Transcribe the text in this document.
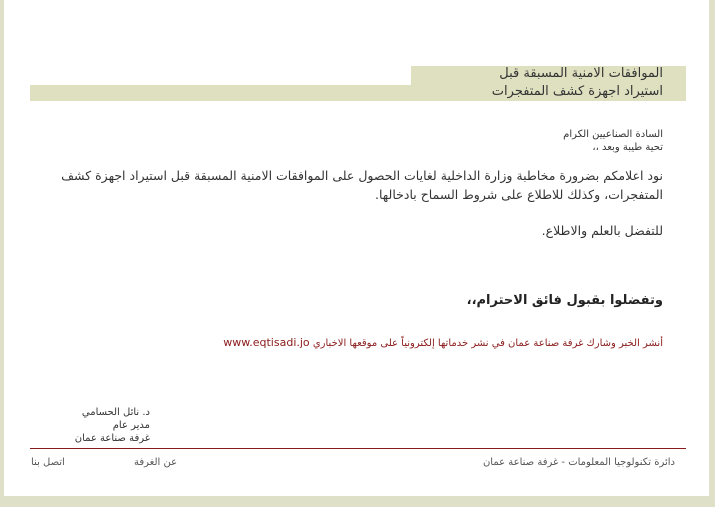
الموافقات الامنية المسبقة قبل
استيراد اجهزة كشف المتفجرات
السادة الصناعيين الكرام
تحية طيبة وبعد ،،
نود اعلامكم بضرورة مخاطبة وزارة الداخلية لغايات الحصول على الموافقات الامنية المسبقة قبل استيراد اجهزة كشف المتفجرات، وكذلك للاطلاع على شروط السماح بادخالها.
للتفضل بالعلم والاطلاع.
وتفضلوا بقبول فائق الاحترام،،
أنشر الخبر وشارك غرفة صناعة عمان في نشر خدماتها إلكترونياً على موقعها الاخباري www.eqtisadi.jo
د. نائل الحسامي
مدير عام
غرفة صناعة عمان
دائرة تكنولوجيا المعلومات - غرفة صناعة عمان
عن الغرفة
اتصل بنا
